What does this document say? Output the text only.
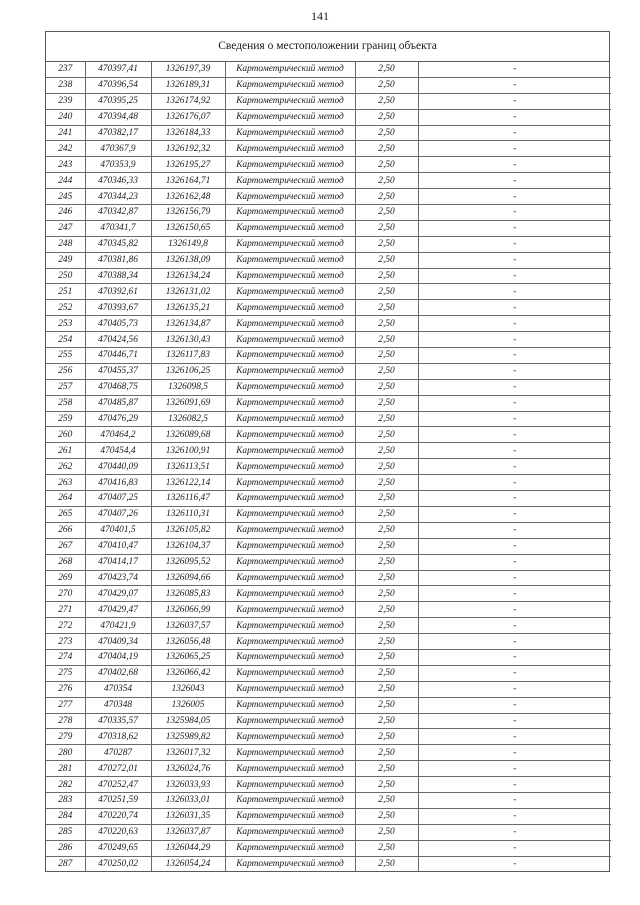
141
Сведения о местоположении границ объекта
237	470397,41	1326197,39	Картометрический метод	2,50		-
238	470396,54	1326189,31	Картометрический метод	2,50		-
239	470395,25	1326174,92	Картометрический метод	2,50		-
240	470394,48	1326176,07	Картометрический метод	2,50		-
241	470382,17	1326184,33	Картометрический метод	2,50		-
242	470367,9	1326192,32	Картометрический метод	2,50		-
243	470353,9	1326195,27	Картометрический метод	2,50		-
244	470346,33	1326164,71	Картометрический метод	2,50		-
245	470344,23	1326162,48	Картометрический метод	2,50		-
246	470342,87	1326156,79	Картометрический метод	2,50		-
247	470341,7	1326150,65	Картометрический метод	2,50		-
248	470345,82	1326149,8	Картометрический метод	2,50		-
249	470381,86	1326138,09	Картометрический метод	2,50		-
250	470388,34	1326134,24	Картометрический метод	2,50		-
251	470392,61	1326131,02	Картометрический метод	2,50		-
252	470393,67	1326135,21	Картометрический метод	2,50		-
253	470405,73	1326134,87	Картометрический метод	2,50		-
254	470424,56	1326130,43	Картометрический метод	2,50		-
255	470446,71	1326117,83	Картометрический метод	2,50		-
256	470455,37	1326106,25	Картометрический метод	2,50		-
257	470468,75	1326098,5	Картометрический метод	2,50		-
258	470485,87	1326091,69	Картометрический метод	2,50		-
259	470476,29	1326082,5	Картометрический метод	2,50		-
260	470464,2	1326089,68	Картометрический метод	2,50		-
261	470454,4	1326100,91	Картометрический метод	2,50		-
262	470440,09	1326113,51	Картометрический метод	2,50		-
263	470416,83	1326122,14	Картометрический метод	2,50		-
264	470407,25	1326116,47	Картометрический метод	2,50		-
265	470407,26	1326110,31	Картометрический метод	2,50		-
266	470401,5	1326105,82	Картометрический метод	2,50		-
267	470410,47	1326104,37	Картометрический метод	2,50		-
268	470414,17	1326095,52	Картометрический метод	2,50		-
269	470423,74	1326094,66	Картометрический метод	2,50		-
270	470429,07	1326085,83	Картометрический метод	2,50		-
271	470429,47	1326066,99	Картометрический метод	2,50		-
272	470421,9	1326037,57	Картометрический метод	2,50		-
273	470409,34	1326056,48	Картометрический метод	2,50		-
274	470404,19	1326065,25	Картометрический метод	2,50		-
275	470402,68	1326066,42	Картометрический метод	2,50		-
276	470354	1326043	Картометрический метод	2,50		-
277	470348	1326005	Картометрический метод	2,50		-
278	470335,57	1325984,05	Картометрический метод	2,50		-
279	470318,62	1325989,82	Картометрический метод	2,50		-
280	470287	1326017,32	Картометрический метод	2,50		-
281	470272,01	1326024,76	Картометрический метод	2,50		-
282	470252,47	1326033,93	Картометрический метод	2,50		-
283	470251,59	1326033,01	Картометрический метод	2,50		-
284	470220,74	1326031,35	Картометрический метод	2,50		-
285	470220,63	1326037,87	Картометрический метод	2,50		-
286	470249,65	1326044,29	Картометрический метод	2,50		-
287	470250,02	1326054,24	Картометрический метод	2,50		-
